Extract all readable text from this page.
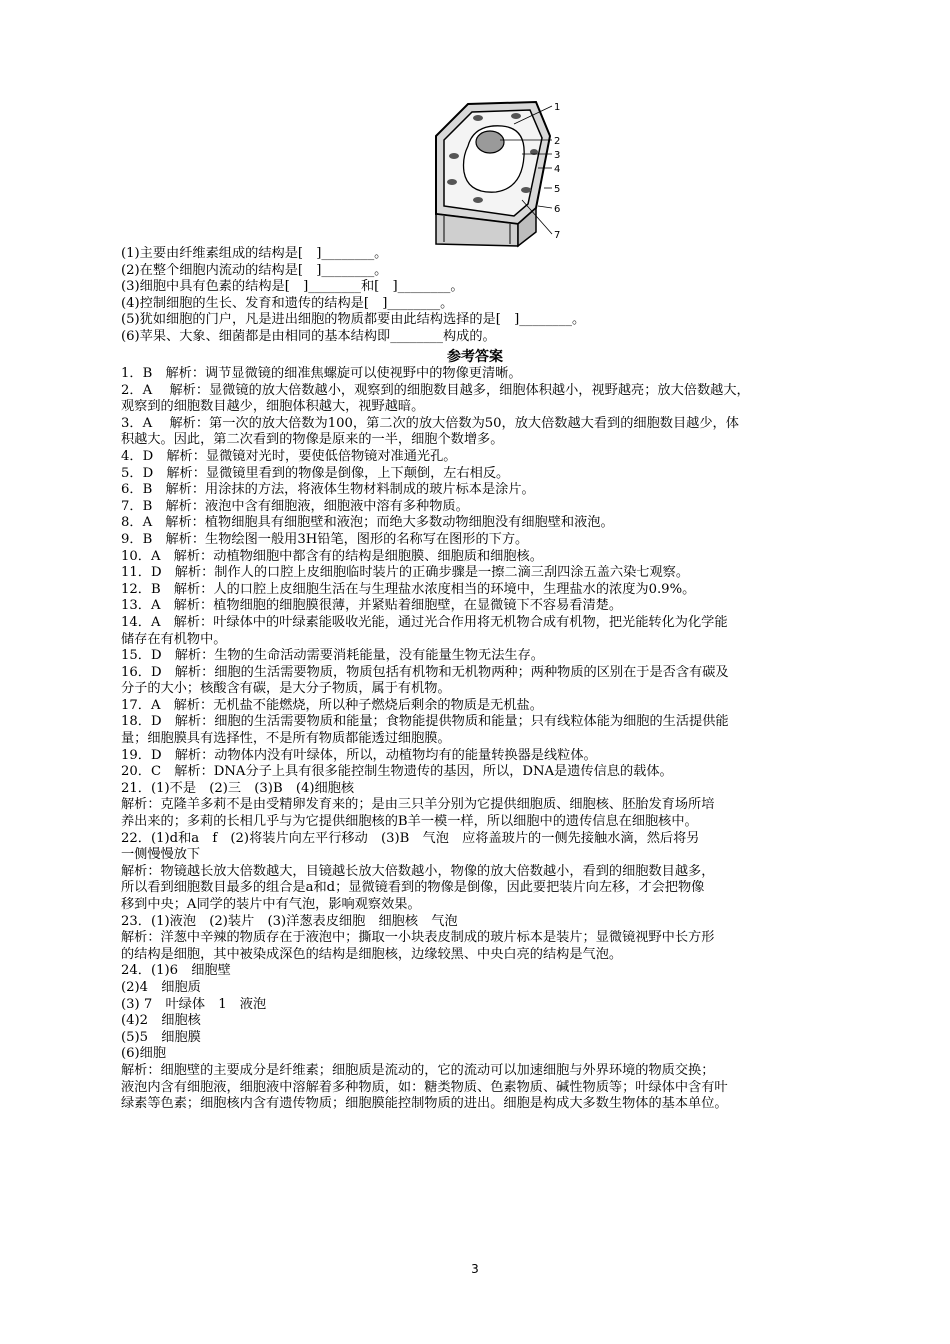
1
2
3
4
5
6
7
(1)主要由纤维素组成的结构是[　]________。
(2)在整个细胞内流动的结构是[　]________。
(3)细胞中具有色素的结构是[　]________和[　]________。
(4)控制细胞的生长、发育和遗传的结构是[　]________。
(5)犹如细胞的门户，凡是进出细胞的物质都要由此结构选择的是[　]________。
(6)苹果、大象、细菌都是由相同的基本结构即________构成的。
参考答案
1．B　解析：调节显微镜的细准焦螺旋可以使视野中的物像更清晰。
2．A　 解析：显微镜的放大倍数越小，观察到的细胞数目越多，细胞体积越小，视野越亮；放大倍数越大，
观察到的细胞数目越少，细胞体积越大，视野越暗。
3．A　 解析：第一次的放大倍数为100，第二次的放大倍数为50，放大倍数越大看到的细胞数目越少，体
积越大。因此，第二次看到的物像是原来的一半，细胞个数增多。
4．D　解析：显微镜对光时，要使低倍物镜对准通光孔。
5．D　解析：显微镜里看到的物像是倒像，上下颠倒，左右相反。
6．B　解析：用涂抹的方法，将液体生物材料制成的玻片标本是涂片。
7．B　解析：液泡中含有细胞液，细胞液中溶有多种物质。
8．A　解析：植物细胞具有细胞壁和液泡；而绝大多数动物细胞没有细胞壁和液泡。
9．B　解析：生物绘图一般用3H铅笔，图形的名称写在图形的下方。
10．A　解析：动植物细胞中都含有的结构是细胞膜、细胞质和细胞核。
11．D　解析：制作人的口腔上皮细胞临时装片的正确步骤是一擦二滴三刮四涂五盖六染七观察。
12．B　解析：人的口腔上皮细胞生活在与生理盐水浓度相当的环境中，生理盐水的浓度为0.9%。
13．A　解析：植物细胞的细胞膜很薄，并紧贴着细胞壁，在显微镜下不容易看清楚。
14．A　解析：叶绿体中的叶绿素能吸收光能，通过光合作用将无机物合成有机物，把光能转化为化学能
储存在有机物中。
15．D　解析：生物的生命活动需要消耗能量，没有能量生物无法生存。
16．D　解析：细胞的生活需要物质，物质包括有机物和无机物两种；两种物质的区别在于是否含有碳及
分子的大小；核酸含有碳，是大分子物质，属于有机物。
17．A　解析：无机盐不能燃烧，所以种子燃烧后剩余的物质是无机盐。
18．D　解析：细胞的生活需要物质和能量；食物能提供物质和能量；只有线粒体能为细胞的生活提供能
量；细胞膜具有选择性，不是所有物质都能透过细胞膜。
19．D　解析：动物体内没有叶绿体，所以，动植物均有的能量转换器是线粒体。
20．C　解析：DNA分子上具有很多能控制生物遗传的基因，所以，DNA是遗传信息的载体。
21．(1)不是　(2)三　(3)B　(4)细胞核
解析：克隆羊多莉不是由受精卵发育来的；是由三只羊分别为它提供细胞质、细胞核、胚胎发育场所培
养出来的；多莉的长相几乎与为它提供细胞核的B羊一模一样，所以细胞中的遗传信息在细胞核中。
22．(1)d和a　f　(2)将装片向左平行移动　(3)B　气泡　应将盖玻片的一侧先接触水滴，然后将另
一侧慢慢放下
解析：物镜越长放大倍数越大，目镜越长放大倍数越小，物像的放大倍数越小，看到的细胞数目越多，
所以看到细胞数目最多的组合是a和d；显微镜看到的物像是倒像，因此要把装片向左移，才会把物像
移到中央；A同学的装片中有气泡，影响观察效果。
23．(1)液泡　(2)装片　(3)洋葱表皮细胞　细胞核　气泡
解析：洋葱中辛辣的物质存在于液泡中；撕取一小块表皮制成的玻片标本是装片；显微镜视野中长方形
的结构是细胞，其中被染成深色的结构是细胞核，边缘较黑、中央白亮的结构是气泡。
24．(1)6　细胞壁
(2)4　细胞质
(3) 7　叶绿体　1　液泡
(4)2　细胞核
(5)5　细胞膜
(6)细胞
解析：细胞壁的主要成分是纤维素；细胞质是流动的，它的流动可以加速细胞与外界环境的物质交换；
液泡内含有细胞液，细胞液中溶解着多种物质，如：糖类物质、色素物质、碱性物质等；叶绿体中含有叶
绿素等色素；细胞核内含有遗传物质；细胞膜能控制物质的进出。细胞是构成大多数生物体的基本单位。
3
